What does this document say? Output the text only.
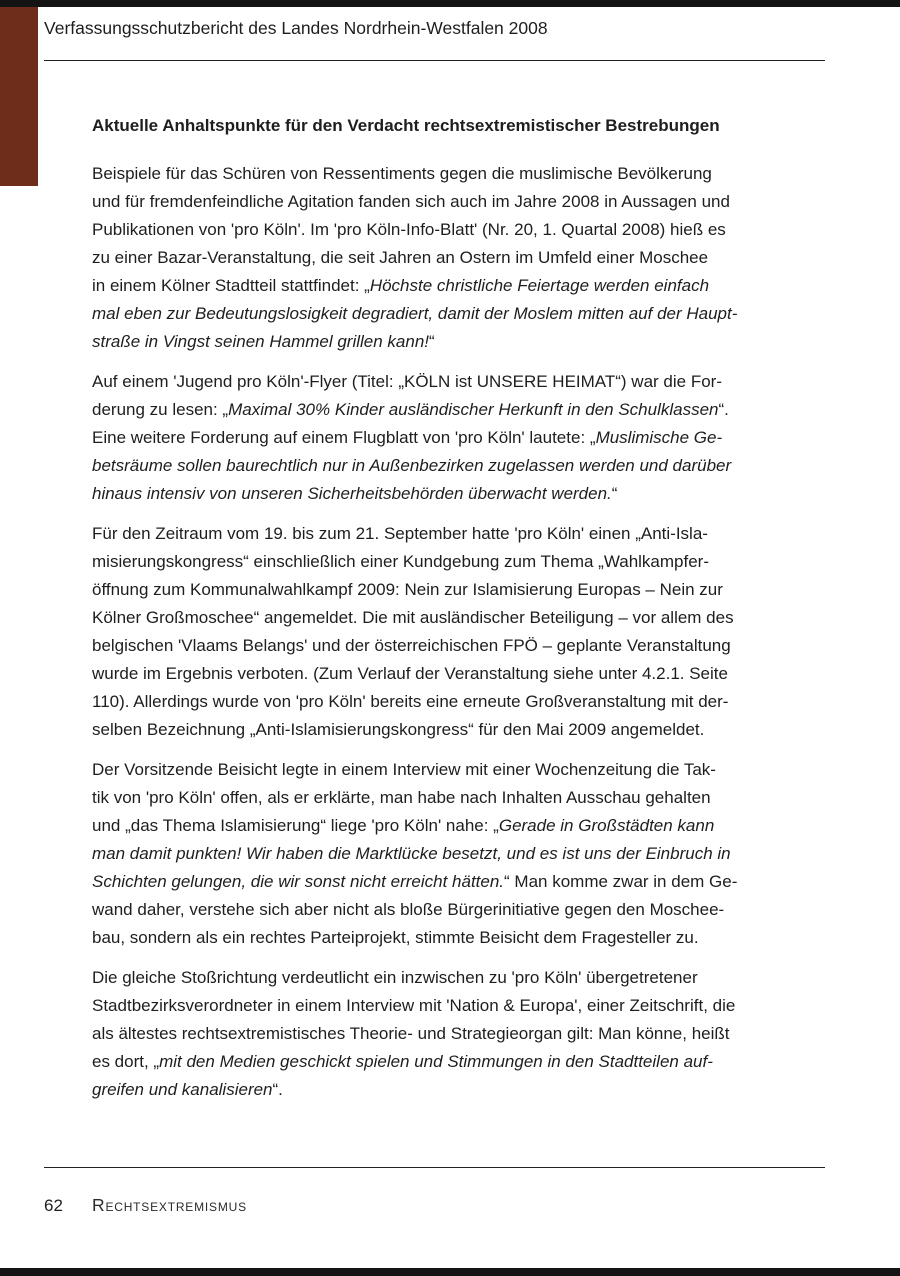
Verfassungsschutzbericht des Landes Nordrhein-Westfalen 2008
Aktuelle Anhaltspunkte für den Verdacht rechtsextremistischer Bestrebungen
Beispiele für das Schüren von Ressentiments gegen die muslimische Bevölkerung
und für fremdenfeindliche Agitation fanden sich auch im Jahre 2008 in Aussagen und
Publikationen von 'pro Köln'. Im 'pro Köln-Info-Blatt' (Nr. 20, 1. Quartal 2008) hieß es
zu einer Bazar-Veranstaltung, die seit Jahren an Ostern im Umfeld einer Moschee
in einem Kölner Stadtteil stattfindet: „Höchste christliche Feiertage werden einfach
mal eben zur Bedeutungslosigkeit degradiert, damit der Moslem mitten auf der Haupt-
straße in Vingst seinen Hammel grillen kann!“
Auf einem 'Jugend pro Köln'-Flyer (Titel: „KÖLN ist UNSERE HEIMAT“) war die For-
derung zu lesen: „Maximal 30% Kinder ausländischer Herkunft in den Schulklassen“.
Eine weitere Forderung auf einem Flugblatt von 'pro Köln' lautete: „Muslimische Ge-
betsräume sollen baurechtlich nur in Außenbezirken zugelassen werden und darüber
hinaus intensiv von unseren Sicherheitsbehörden überwacht werden.“
Für den Zeitraum vom 19. bis zum 21. September hatte 'pro Köln' einen „Anti-Isla-
misierungskongress“ einschließlich einer Kundgebung zum Thema „Wahlkampfer-
öffnung zum Kommunalwahlkampf 2009: Nein zur Islamisierung Europas – Nein zur
Kölner Großmoschee“ angemeldet. Die mit ausländischer Beteiligung – vor allem des
belgischen 'Vlaams Belangs' und der österreichischen FPÖ – geplante Veranstaltung
wurde im Ergebnis verboten. (Zum Verlauf der Veranstaltung siehe unter 4.2.1. Seite
110). Allerdings wurde von 'pro Köln' bereits eine erneute Großveranstaltung mit der-
selben Bezeichnung „Anti-Islamisierungskongress“ für den Mai 2009 angemeldet.
Der Vorsitzende Beisicht legte in einem Interview mit einer Wochenzeitung die Tak-
tik von 'pro Köln' offen, als er erklärte, man habe nach Inhalten Ausschau gehalten
und „das Thema Islamisierung“ liege 'pro Köln' nahe: „Gerade in Großstädten kann
man damit punkten! Wir haben die Marktlücke besetzt, und es ist uns der Einbruch in
Schichten gelungen, die wir sonst nicht erreicht hätten.“ Man komme zwar in dem Ge-
wand daher, verstehe sich aber nicht als bloße Bürgerinitiative gegen den Moschee-
bau, sondern als ein rechtes Parteiprojekt, stimmte Beisicht dem Fragesteller zu.
Die gleiche Stoßrichtung verdeutlicht ein inzwischen zu 'pro Köln' übergetretener
Stadtbezirksverordneter in einem Interview mit 'Nation & Europa', einer Zeitschrift, die
als ältestes rechtsextremistisches Theorie- und Strategieorgan gilt: Man könne, heißt
es dort, „mit den Medien geschickt spielen und Stimmungen in den Stadtteilen auf-
greifen und kanalisieren“.
62 Rechtsextremismus
